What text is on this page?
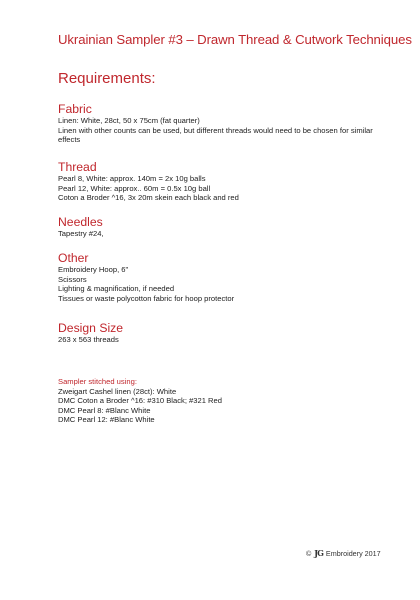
Ukrainian Sampler #3 – Drawn Thread & Cutwork Techniques
Requirements:
Fabric
Linen: White, 28ct, 50 x 75cm (fat quarter)
Linen with other counts can be used, but different threads would need to be chosen for similar effects
Thread
Pearl 8, White: approx. 140m = 2x 10g balls
Pearl 12, White: approx.. 60m = 0.5x 10g ball
Coton a Broder ^16, 3x 20m skein each black and red
Needles
Tapestry #24,
Other
Embroidery Hoop, 6"
Scissors
Lighting & magnification, if needed
Tissues or waste polycotton fabric for hoop protector
Design Size
263 x 563 threads
Sampler stitched using:
Zweigart Cashel linen (28ct): White
DMC Coton a Broder ^16: #310 Black; #321 Red
DMC Pearl 8: #Blanc White
DMC Pearl 12: #Blanc White
© JG Embroidery 2017
